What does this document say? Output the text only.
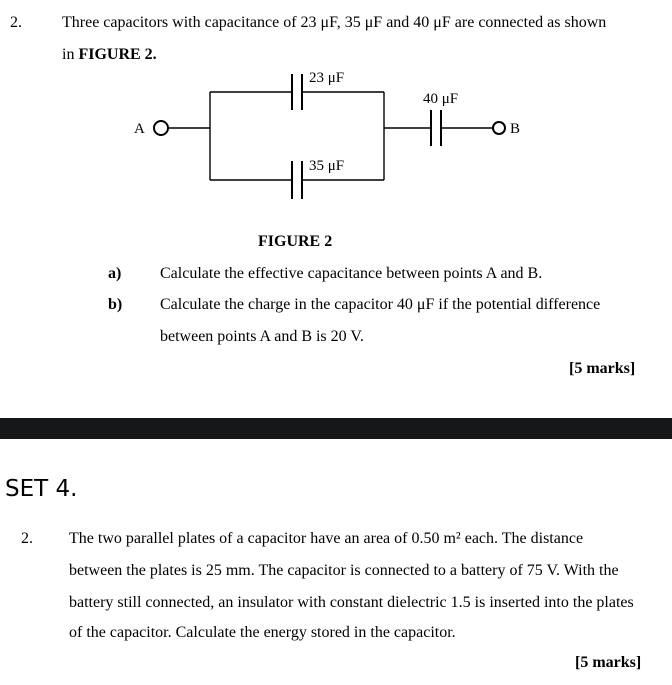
2.	Three capacitors with capacitance of 23 μF, 35 μF and 40 μF are connected as shown
in FIGURE 2.
23 μF
35 μF
40 μF
A	B
FIGURE 2
a) Calculate the effective capacitance between points A and B.
b) Calculate the charge in the capacitor 40 μF if the potential difference
between points A and B is 20 V.
[5 marks]
SET 4.
2. The two parallel plates of a capacitor have an area of 0.50 m² each. The distance
between the plates is 25 mm. The capacitor is connected to a battery of 75 V. With the
battery still connected, an insulator with constant dielectric 1.5 is inserted into the plates
of the capacitor. Calculate the energy stored in the capacitor.
[5 marks]
